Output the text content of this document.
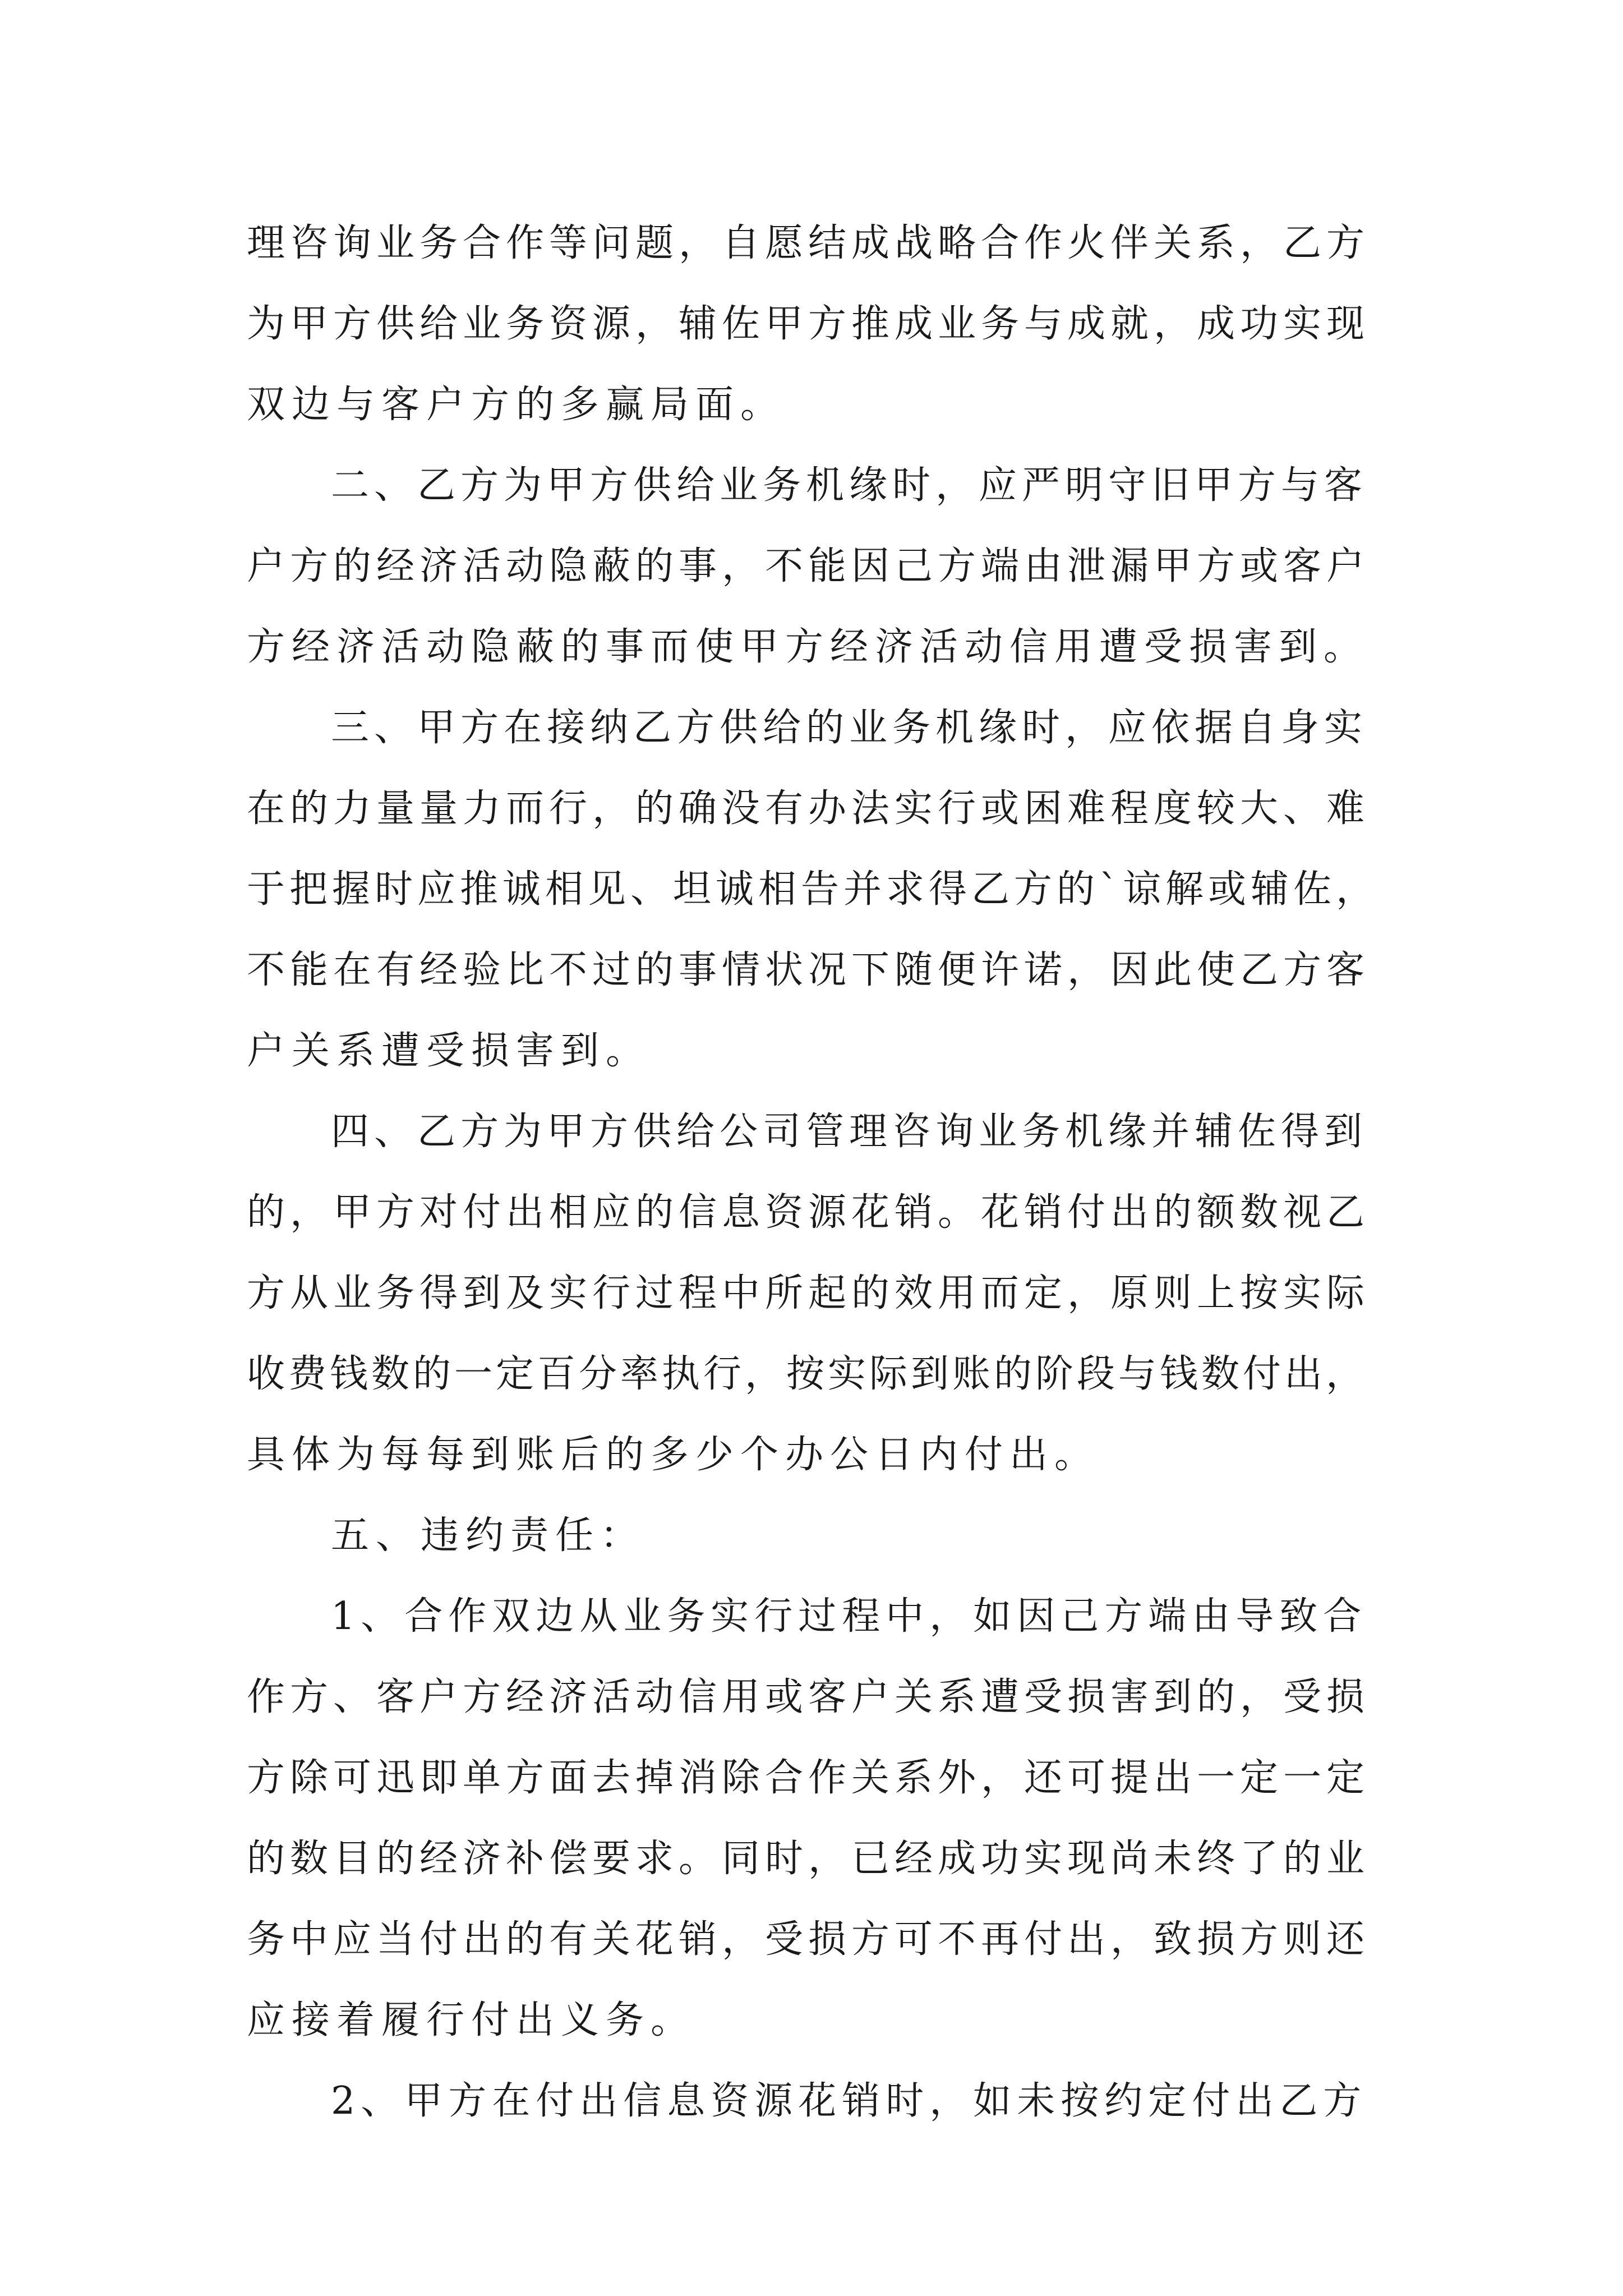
理咨询业务合作等问题，自愿结成战略合作火伴关系，乙方
为甲方供给业务资源，辅佐甲方推成业务与成就，成功实现
双边与客户方的多赢局面。
二、乙方为甲方供给业务机缘时，应严明守旧甲方与客
户方的经济活动隐蔽的事，不能因己方端由泄漏甲方或客户
方经济活动隐蔽的事而使甲方经济活动信用遭受损害到。
三、甲方在接纳乙方供给的业务机缘时，应依据自身实
在的力量量力而行，的确没有办法实行或困难程度较大、难
于把握时应推诚相见、坦诚相告并求得乙方的`谅解或辅佐，
不能在有经验比不过的事情状况下随便许诺，因此使乙方客
户关系遭受损害到。
四、乙方为甲方供给公司管理咨询业务机缘并辅佐得到
的，甲方对付出相应的信息资源花销。花销付出的额数视乙
方从业务得到及实行过程中所起的效用而定，原则上按实际
收费钱数的一定百分率执行，按实际到账的阶段与钱数付出，
具体为每每到账后的多少个办公日内付出。
五、违约责任：
1、合作双边从业务实行过程中，如因己方端由导致合
作方、客户方经济活动信用或客户关系遭受损害到的，受损
方除可迅即单方面去掉消除合作关系外，还可提出一定一定
的数目的经济补偿要求。同时，已经成功实现尚未终了的业
务中应当付出的有关花销，受损方可不再付出，致损方则还
应接着履行付出义务。
2、甲方在付出信息资源花销时，如未按约定付出乙方
